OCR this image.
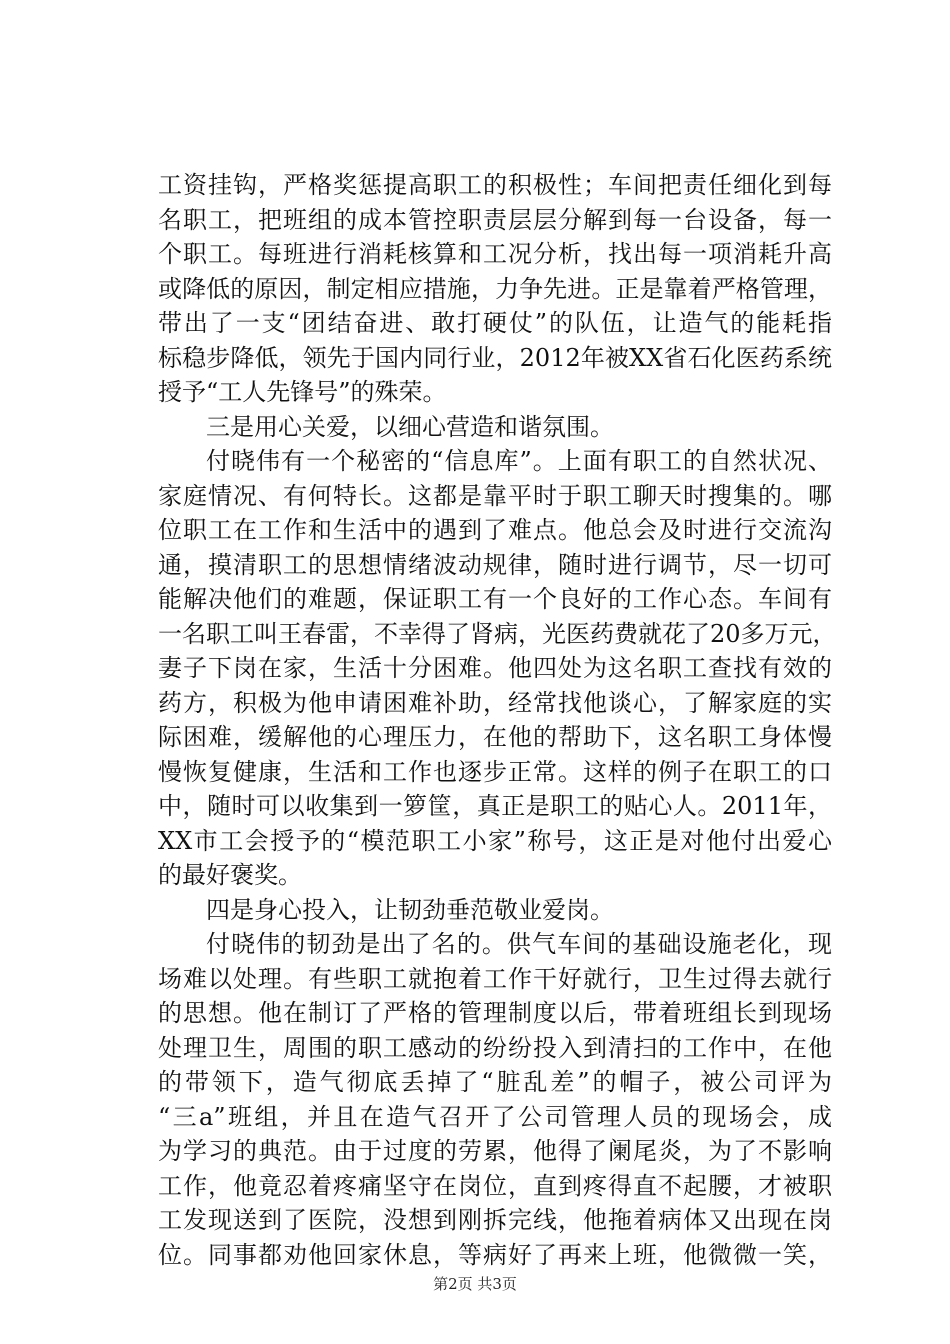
工资挂钩，严格奖惩提高职工的积极性；车间把责任细化到每
名职工，把班组的成本管控职责层层分解到每一台设备，每一
个职工。每班进行消耗核算和工况分析，找出每一项消耗升高
或降低的原因，制定相应措施，力争先进。正是靠着严格管理，
带出了一支“团结奋进、敢打硬仗”的队伍，让造气的能耗指
标稳步降低，领先于国内同行业，2012年被XX省石化医药系统
授予“工人先锋号”的殊荣。
三是用心关爱，以细心营造和谐氛围。
付晓伟有一个秘密的“信息库”。上面有职工的自然状况、
家庭情况、有何特长。这都是靠平时于职工聊天时搜集的。哪
位职工在工作和生活中的遇到了难点。他总会及时进行交流沟
通，摸清职工的思想情绪波动规律，随时进行调节，尽一切可
能解决他们的难题，保证职工有一个良好的工作心态。车间有
一名职工叫王春雷，不幸得了肾病，光医药费就花了20多万元，
妻子下岗在家，生活十分困难。他四处为这名职工查找有效的
药方，积极为他申请困难补助，经常找他谈心，了解家庭的实
际困难，缓解他的心理压力，在他的帮助下，这名职工身体慢
慢恢复健康，生活和工作也逐步正常。这样的例子在职工的口
中，随时可以收集到一箩筐，真正是职工的贴心人。2011年，
XX市工会授予的“模范职工小家”称号，这正是对他付出爱心
的最好褒奖。
四是身心投入，让韧劲垂范敬业爱岗。
付晓伟的韧劲是出了名的。供气车间的基础设施老化，现
场难以处理。有些职工就抱着工作干好就行，卫生过得去就行
的思想。他在制订了严格的管理制度以后，带着班组长到现场
处理卫生，周围的职工感动的纷纷投入到清扫的工作中，在他
的带领下，造气彻底丢掉了“脏乱差”的帽子，被公司评为
“三a”班组，并且在造气召开了公司管理人员的现场会，成
为学习的典范。由于过度的劳累，他得了阑尾炎，为了不影响
工作，他竟忍着疼痛坚守在岗位，直到疼得直不起腰，才被职
工发现送到了医院，没想到刚拆完线，他拖着病体又出现在岗
位。同事都劝他回家休息，等病好了再来上班，他微微一笑，
第2页 共3页
